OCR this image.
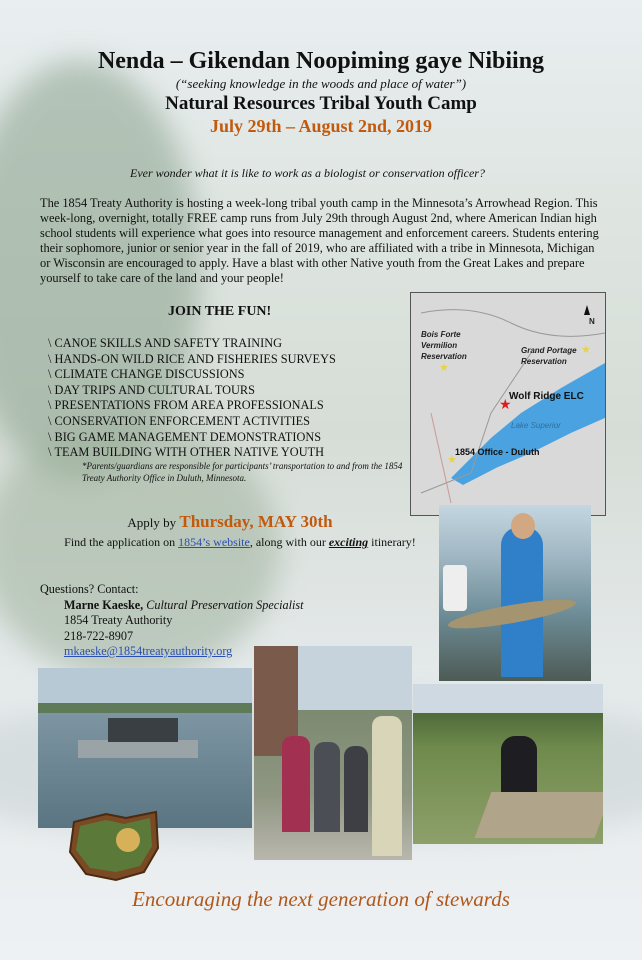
Nenda – Gikendan Noopiming gaye Nibiing
(“seeking knowledge in the woods and place of water”)
Natural Resources Tribal Youth Camp
July 29th – August 2nd, 2019
Ever wonder what it is like to work as a biologist or conservation officer?
The 1854 Treaty Authority is hosting a week-long tribal youth camp in the Minnesota’s Arrowhead Region. This week-long, overnight, totally FREE camp runs from July 29th through August 2nd, where American Indian high school students will experience what goes into resource management and enforcement careers. Students entering their sophomore, junior or senior year in the fall of 2019, who are affiliated with a tribe in Minnesota, Michigan or Wisconsin are encouraged to apply. Have a blast with other Native youth from the Great Lakes and prepare yourself to take care of the land and your people!
JOIN THE FUN!
\ CANOE SKILLS AND SAFETY TRAINING
\ HANDS-ON WILD RICE AND FISHERIES SURVEYS
\ CLIMATE CHANGE DISCUSSIONS
\ DAY TRIPS AND CULTURAL TOURS
\ PRESENTATIONS FROM AREA PROFESSIONALS
\ CONSERVATION ENFORCEMENT ACTIVITIES
\ BIG GAME MANAGEMENT DEMONSTRATIONS
\ TEAM BUILDING WITH OTHER NATIVE YOUTH
*Parents/guardians are responsible for participants’ transportation to and from the 1854 Treaty Authority Office in Duluth, Minnesota.
Bois Forte Vermilion Reservation
Grand Portage Reservation
Wolf Ridge ELC
Lake Superior
1854 Office - Duluth
N
★
★
★
★
Apply by Thursday, MAY 30th
Find the application on 1854’s website, along with our exciting itinerary!
Questions? Contact:
Marne Kaeske, Cultural Preservation Specialist
1854 Treaty Authority
218-722-8907
mkaeske@1854treatyauthority.org
Encouraging the next generation of stewards
